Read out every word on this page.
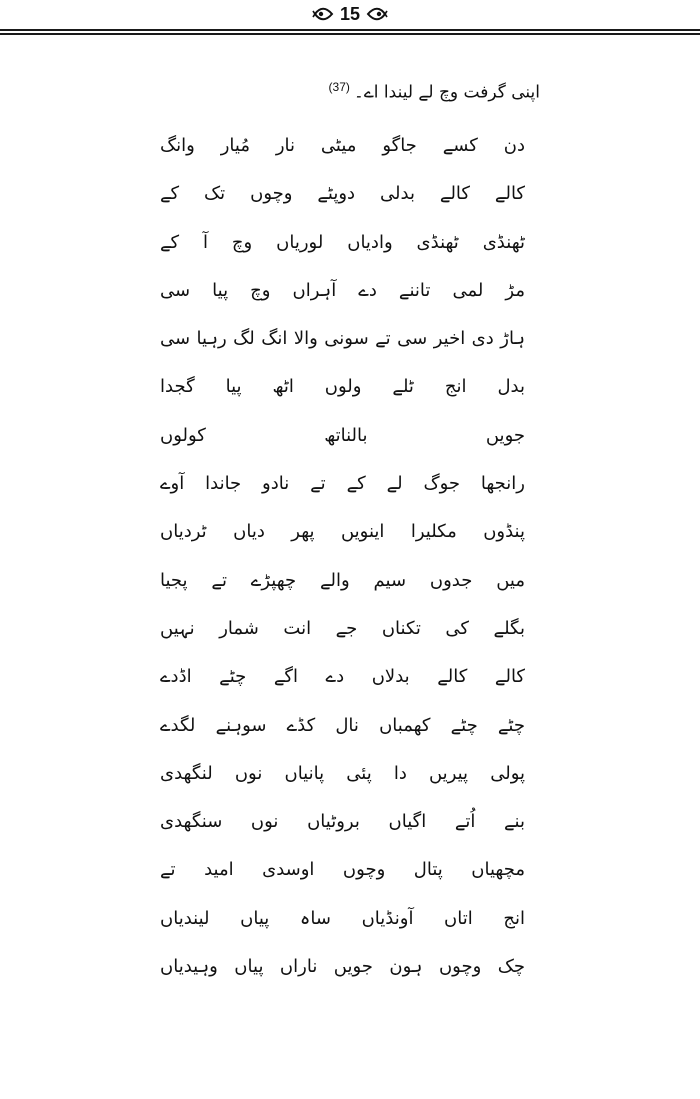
15
اپنی گرفت وچ لے لیندا اے۔$^{(37)}$
دن کسے جاگو میٹی نار مُیار وانگ
کالے کالے بدلی دوپٹے وچوں تک کے
ٹھنڈی ٹھنڈی وادیاں لوریاں وچ آ کے
مڑ لمی تاننے دے آہراں وچ پیا سی
ہاڑ دی اخیر سی تے سونی والا انگ لگ رہیا سی
بدل انج ٹلے ولوں اٹھ پیا گجدا
جویں بالناتھ کولوں
رانجھا جوگ لے کے تے نادو جاندا آوے
پنڈوں مکلیرا اینویں پھر دیاں ٹردیاں
میں جدوں سیم والے چھپڑے تے پجیا
بگلے کی تکناں جے انت شمار نہیں
کالے کالے بدلاں دے اگے چٹے اڈدے
چٹے چٹے کھمباں نال کڈے سوہنے لگدے
پولی پیریں دا پئی پانیاں نوں لنگھدی
بنے اُتے اگیاں بروٹیاں نوں سنگھدی
مچھیاں پتال وچوں اوسدی امید تے
انج اتاں آونڈیاں ساہ پیاں لیندیاں
چک وچوں ہون جویں ناراں پیاں وہیدیاں
